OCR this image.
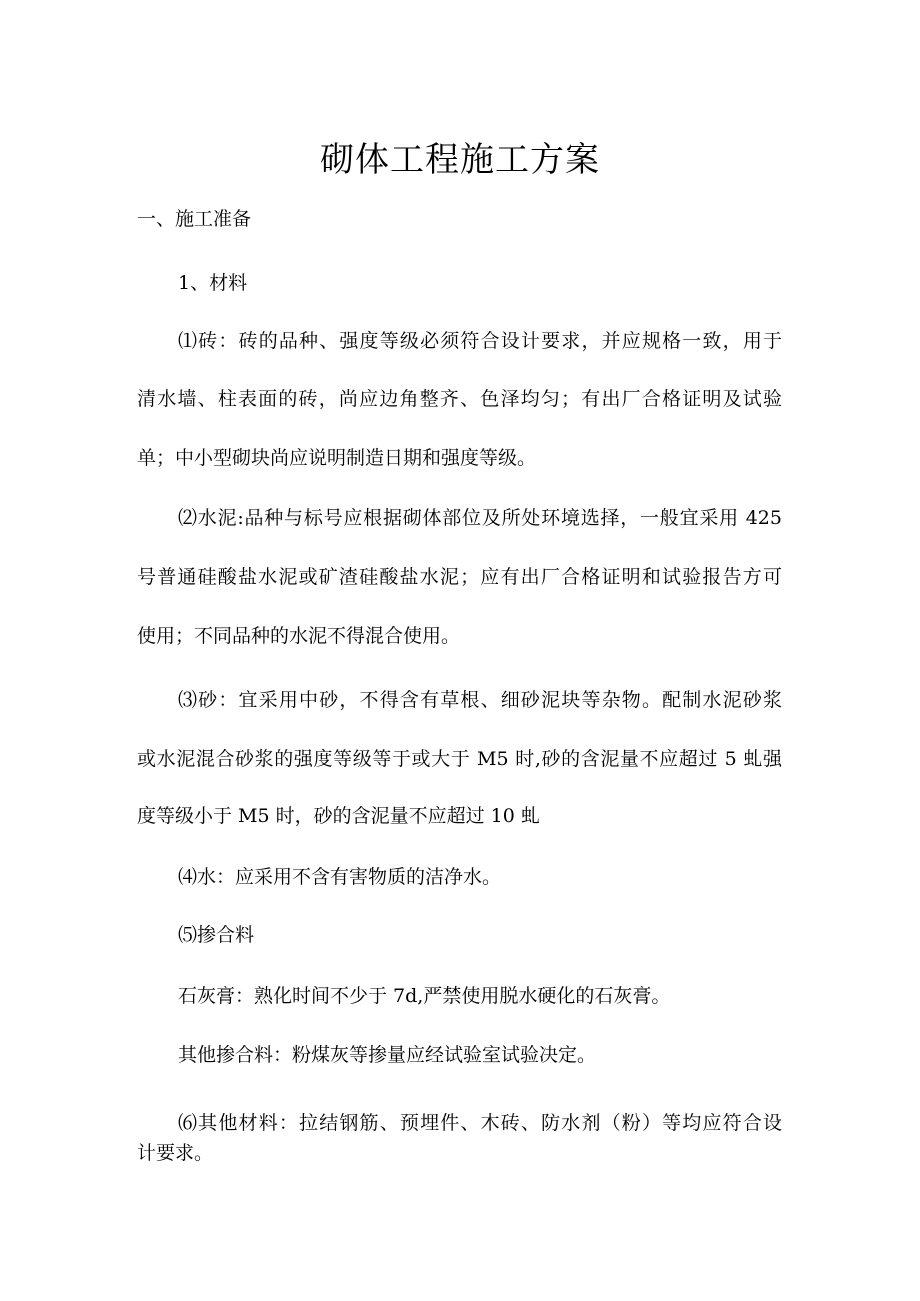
砌体工程施工方案

一、施工准备

1、材料

⑴砖：砖的品种、强度等级必须符合设计要求，并应规格一致，用于

清水墙、柱表面的砖，尚应边角整齐、色泽均匀；有出厂合格证明及试验

单；中小型砌块尚应说明制造日期和强度等级。

⑵水泥:品种与标号应根据砌体部位及所处环境选择，一般宜采用 425

号普通硅酸盐水泥或矿渣硅酸盐水泥；应有出厂合格证明和试验报告方可

使用；不同品种的水泥不得混合使用。

⑶砂：宜采用中砂，不得含有草根、细砂泥块等杂物。配制水泥砂浆

或水泥混合砂浆的强度等级等于或大于 M5 时,砂的含泥量不应超过 5 虬强

度等级小于 M5 时，砂的含泥量不应超过 10 虬

⑷水：应采用不含有害物质的洁净水。

⑸掺合料

石灰膏：熟化时间不少于 7d,严禁使用脱水硬化的石灰膏。

其他掺合料：粉煤灰等掺量应经试验室试验决定。

⑹其他材料：拉结钢筋、预埋件、木砖、防水剂（粉）等均应符合设

计要求。
